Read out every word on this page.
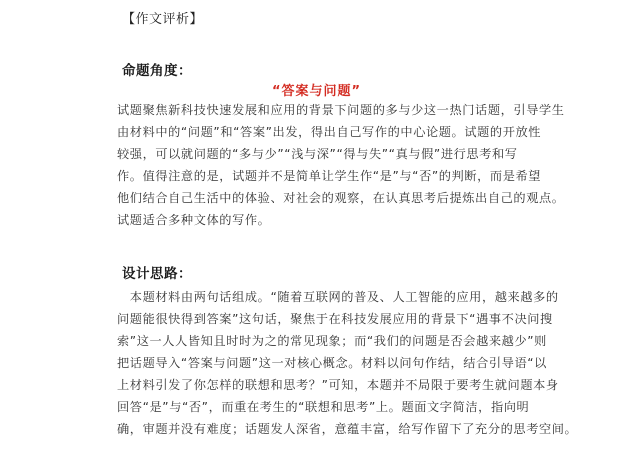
【作文评析】
命题角度：
“答案与问题”
试题聚焦新科技快速发展和应用的背景下问题的多与少这一热门话题，引导学生
由材料中的“问题”和“答案”出发，得出自己写作的中心论题。试题的开放性
较强，可以就问题的“多与少”“浅与深”“得与失”“真与假”进行思考和写
作。值得注意的是，试题并不是简单让学生作“是”与“否”的判断，而是希望
他们结合自己生活中的体验、对社会的观察，在认真思考后提炼出自己的观点。
试题适合多种文体的写作。
设计思路：
　本题材料由两句话组成。“随着互联网的普及、人工智能的应用，越来越多的
问题能很快得到答案”这句话，聚焦于在科技发展应用的背景下“遇事不决问搜
索”这一人人皆知且时时为之的常见现象；而“我们的问题是否会越来越少”则
把话题导入“答案与问题”这一对核心概念。材料以问句作结，结合引导语“以
上材料引发了你怎样的联想和思考？”可知，本题并不局限于要考生就问题本身
回答“是”与“否”，而重在考生的“联想和思考”上。题面文字简洁，指向明
确，审题并没有难度；话题发人深省，意蕴丰富，给写作留下了充分的思考空间。
